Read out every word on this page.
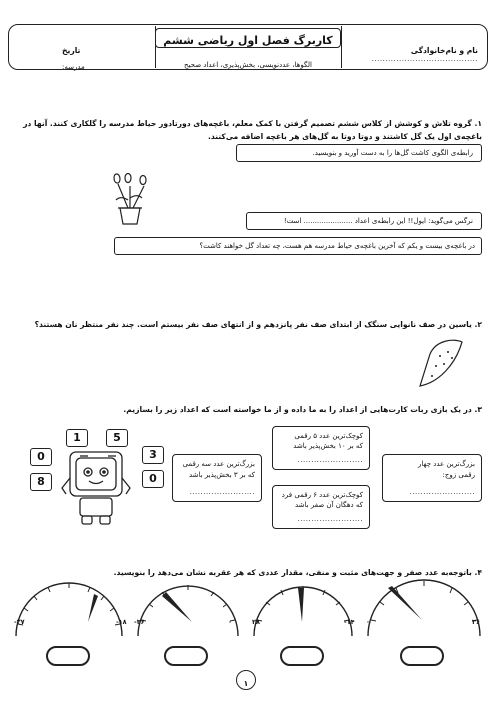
نام و نام‌خانوادگی
.......................................
کاربرگ فصل اول ریاضی ششم
الگوها، عددنویسی، بخش‌پذیری، اعداد صحیح
تاریخ
مدرسه:
۱. گروه تلاش و کوشش از کلاس ششم تصمیم گرفتن با کمک معلم، باغچه‌های دورتادور حیاط مدرسه را گلکاری کنند. آنها در
باغچه‌ی اول یک گل کاشتند و دوتا دوتا به گل‌های هر باغچه اضافه می‌کنند.
رابطه‌ی الگوی کاشت گل‌ها را به دست آورید و بنویسید.
نرگس می‌گوید: ایول!! این رابطه‌ی اعداد ...................... است!
در باغچه‌ی بیست و یکم که آخرین باغچه‌ی حیاط مدرسه هم هست، چه تعداد گل خواهند کاشت؟
۲. یاسین در صف نانوایی سنگک از ابتدای صف نفر پانزدهم و از انتهای صف نفر بیستم است. چند نفر منتظر نان هستند؟
۳. در یک بازی ربات کارت‌هایی از اعداد را به ما داده و از ما خواسته است که اعداد زیر را بسازیم.
1	5
0	3
8	0
بزرگ‌ترین عدد چهار
رقمی زوج:
........................
کوچک‌ترین عدد ۵ رقمی
که بر ۱۰ بخش‌پذیر باشد
........................
کوچک‌ترین عدد ۶ رقمی فرد
که دهگان آن صفر باشد
........................
بزرگ‌ترین عدد سه رقمی
که بر ۳ بخش‌پذیر باشد
........................
۴. باتوجه‌به عدد صفر و جهت‌های مثبت و منفی، مقدار عددی که هر عقربه نشان می‌دهد را بنویسید.
-۲۷	-۱۸ -۳۶	۰	۲۸	-۱۴ ۰	۳۶
۱
